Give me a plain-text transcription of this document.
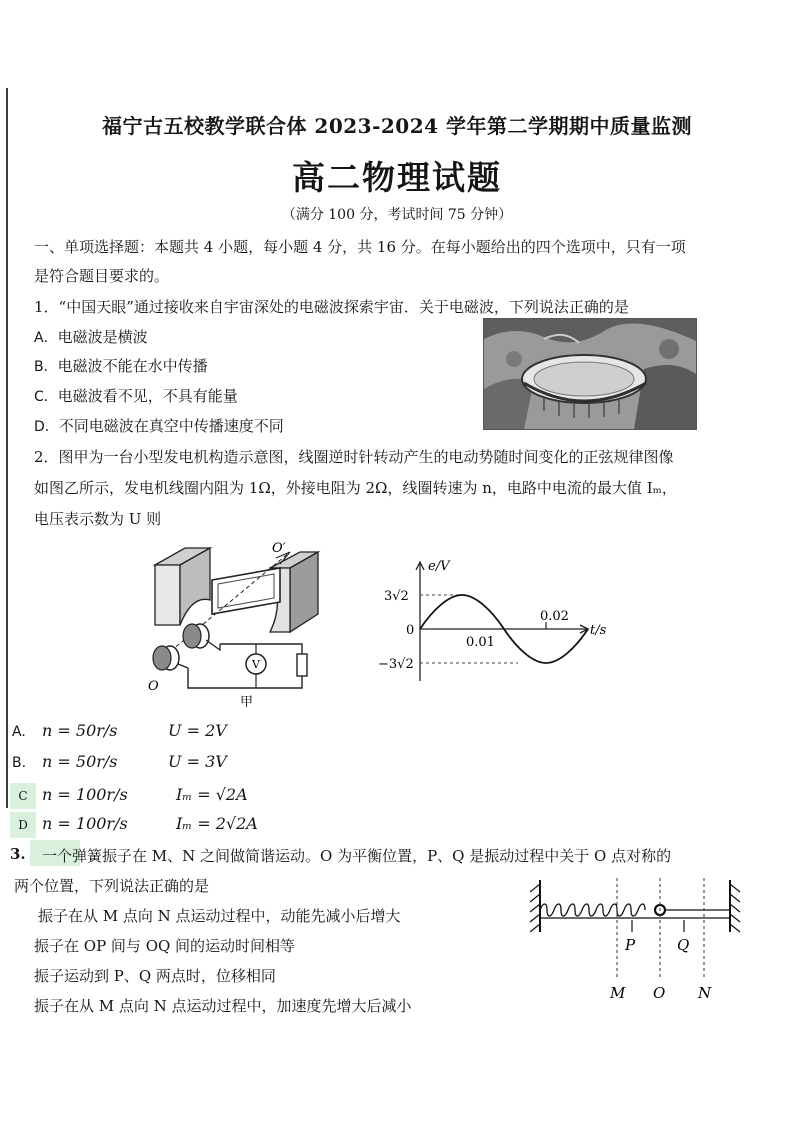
福宁古五校教学联合体 2023-2024 学年第二学期期中质量监测
高二物理试题
（满分 100 分，考试时间 75 分钟）
一、单项选择题：本题共 4 小题，每小题 4 分，共 16 分。在每小题给出的四个选项中，只有一项
是符合题目要求的。
1．“中国天眼”通过接收来自宇宙深处的电磁波探索宇宙．关于电磁波，下列说法正确的是
A．电磁波是横波
B．电磁波不能在水中传播
C．电磁波看不见，不具有能量
D．不同电磁波在真空中传播速度不同
2．图甲为一台小型发电机构造示意图，线圈逆时针转动产生的电动势随时间变化的正弦规律图像
如图乙所示，发电机线圈内阻为 1Ω，外接电阻为 2Ω，线圈转速为 n，电路中电流的最大值 Iₘ，
电压表示数为 U 则
O′
O
V
甲
e/V
t/s
3√2
0
−3√2
0.01
0.02
A. n = 50r/s	U = 2V
B. n = 50r/s	U = 3V
C n = 100r/s	Iₘ = √2A
D n = 100r/s	Iₘ = 2√2A
3. 一个弹簧振子在 M、N 之间做简谐运动。O 为平衡位置，P、Q 是振动过程中关于 O 点对称的
两个位置，下列说法正确的是
振子在从 M 点向 N 点运动过程中，动能先减小后增大
振子在 OP 间与 OQ 间的运动时间相等
振子运动到 P、Q 两点时，位移相同
振子在从 M 点向 N 点运动过程中，加速度先增大后减小
P	Q
M O N
